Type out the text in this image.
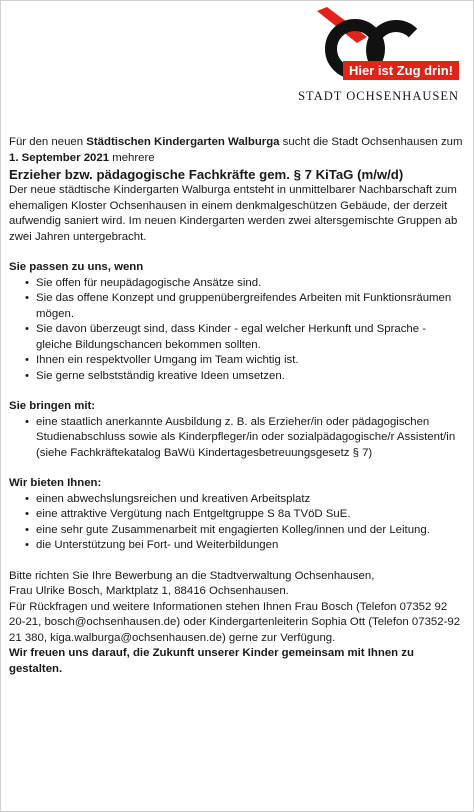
Hier ist Zug drin!
STADT OCHSENHAUSEN

Für den neuen Städtischen Kindergarten Walburga sucht die Stadt Ochsenhausen zum 1. September 2021 mehrere

Erzieher bzw. pädagogische Fachkräfte gem. § 7 KiTaG (m/w/d)

Der neue städtische Kindergarten Walburga entsteht in unmittelbarer Nachbarschaft zum ehemaligen Kloster Ochsenhausen in einem denkmalgeschützen Gebäude, der derzeit aufwendig saniert wird. Im neuen Kindergarten werden zwei altersgemischte Gruppen ab zwei Jahren untergebracht.

Sie passen zu uns, wenn

• Sie offen für neupädagogische Ansätze sind.
• Sie das offene Konzept und gruppenübergreifendes Arbeiten mit Funktionsräumen mögen.
• Sie davon überzeugt sind, dass Kinder - egal welcher Herkunft und Sprache - gleiche Bildungschancen bekommen sollten.
• Ihnen ein respektvoller Umgang im Team wichtig ist.
• Sie gerne selbstständig kreative Ideen umsetzen.

Sie bringen mit:

• eine staatlich anerkannte Ausbildung z. B. als Erzieher/in oder pädagogischen Studienabschluss sowie als Kinderpfleger/in oder sozialpädagogische/r Assistent/in (siehe Fachkräftekatalog BaWü Kindertagesbetreuungsgesetz § 7)

Wir bieten Ihnen:

• einen abwechslungsreichen und kreativen Arbeitsplatz
• eine attraktive Vergütung nach Entgeltgruppe S 8a TVöD SuE.
• eine sehr gute Zusammenarbeit mit engagierten Kolleg/innen und der Leitung.
• die Unterstützung bei Fort- und Weiterbildungen

Bitte richten Sie Ihre Bewerbung an die Stadtverwaltung Ochsenhausen,

Frau Ulrike Bosch, Marktplatz 1, 88416 Ochsenhausen.

Für Rückfragen und weitere Informationen stehen Ihnen Frau Bosch (Telefon 07352 92 20-21, bosch@ochsenhausen.de) oder Kindergartenleiterin Sophia Ott (Telefon 07352-92 21 380, kiga.walburga@ochsenhausen.de) gerne zur Verfügung.

Wir freuen uns darauf, die Zukunft unserer Kinder gemeinsam mit Ihnen zu gestalten.
